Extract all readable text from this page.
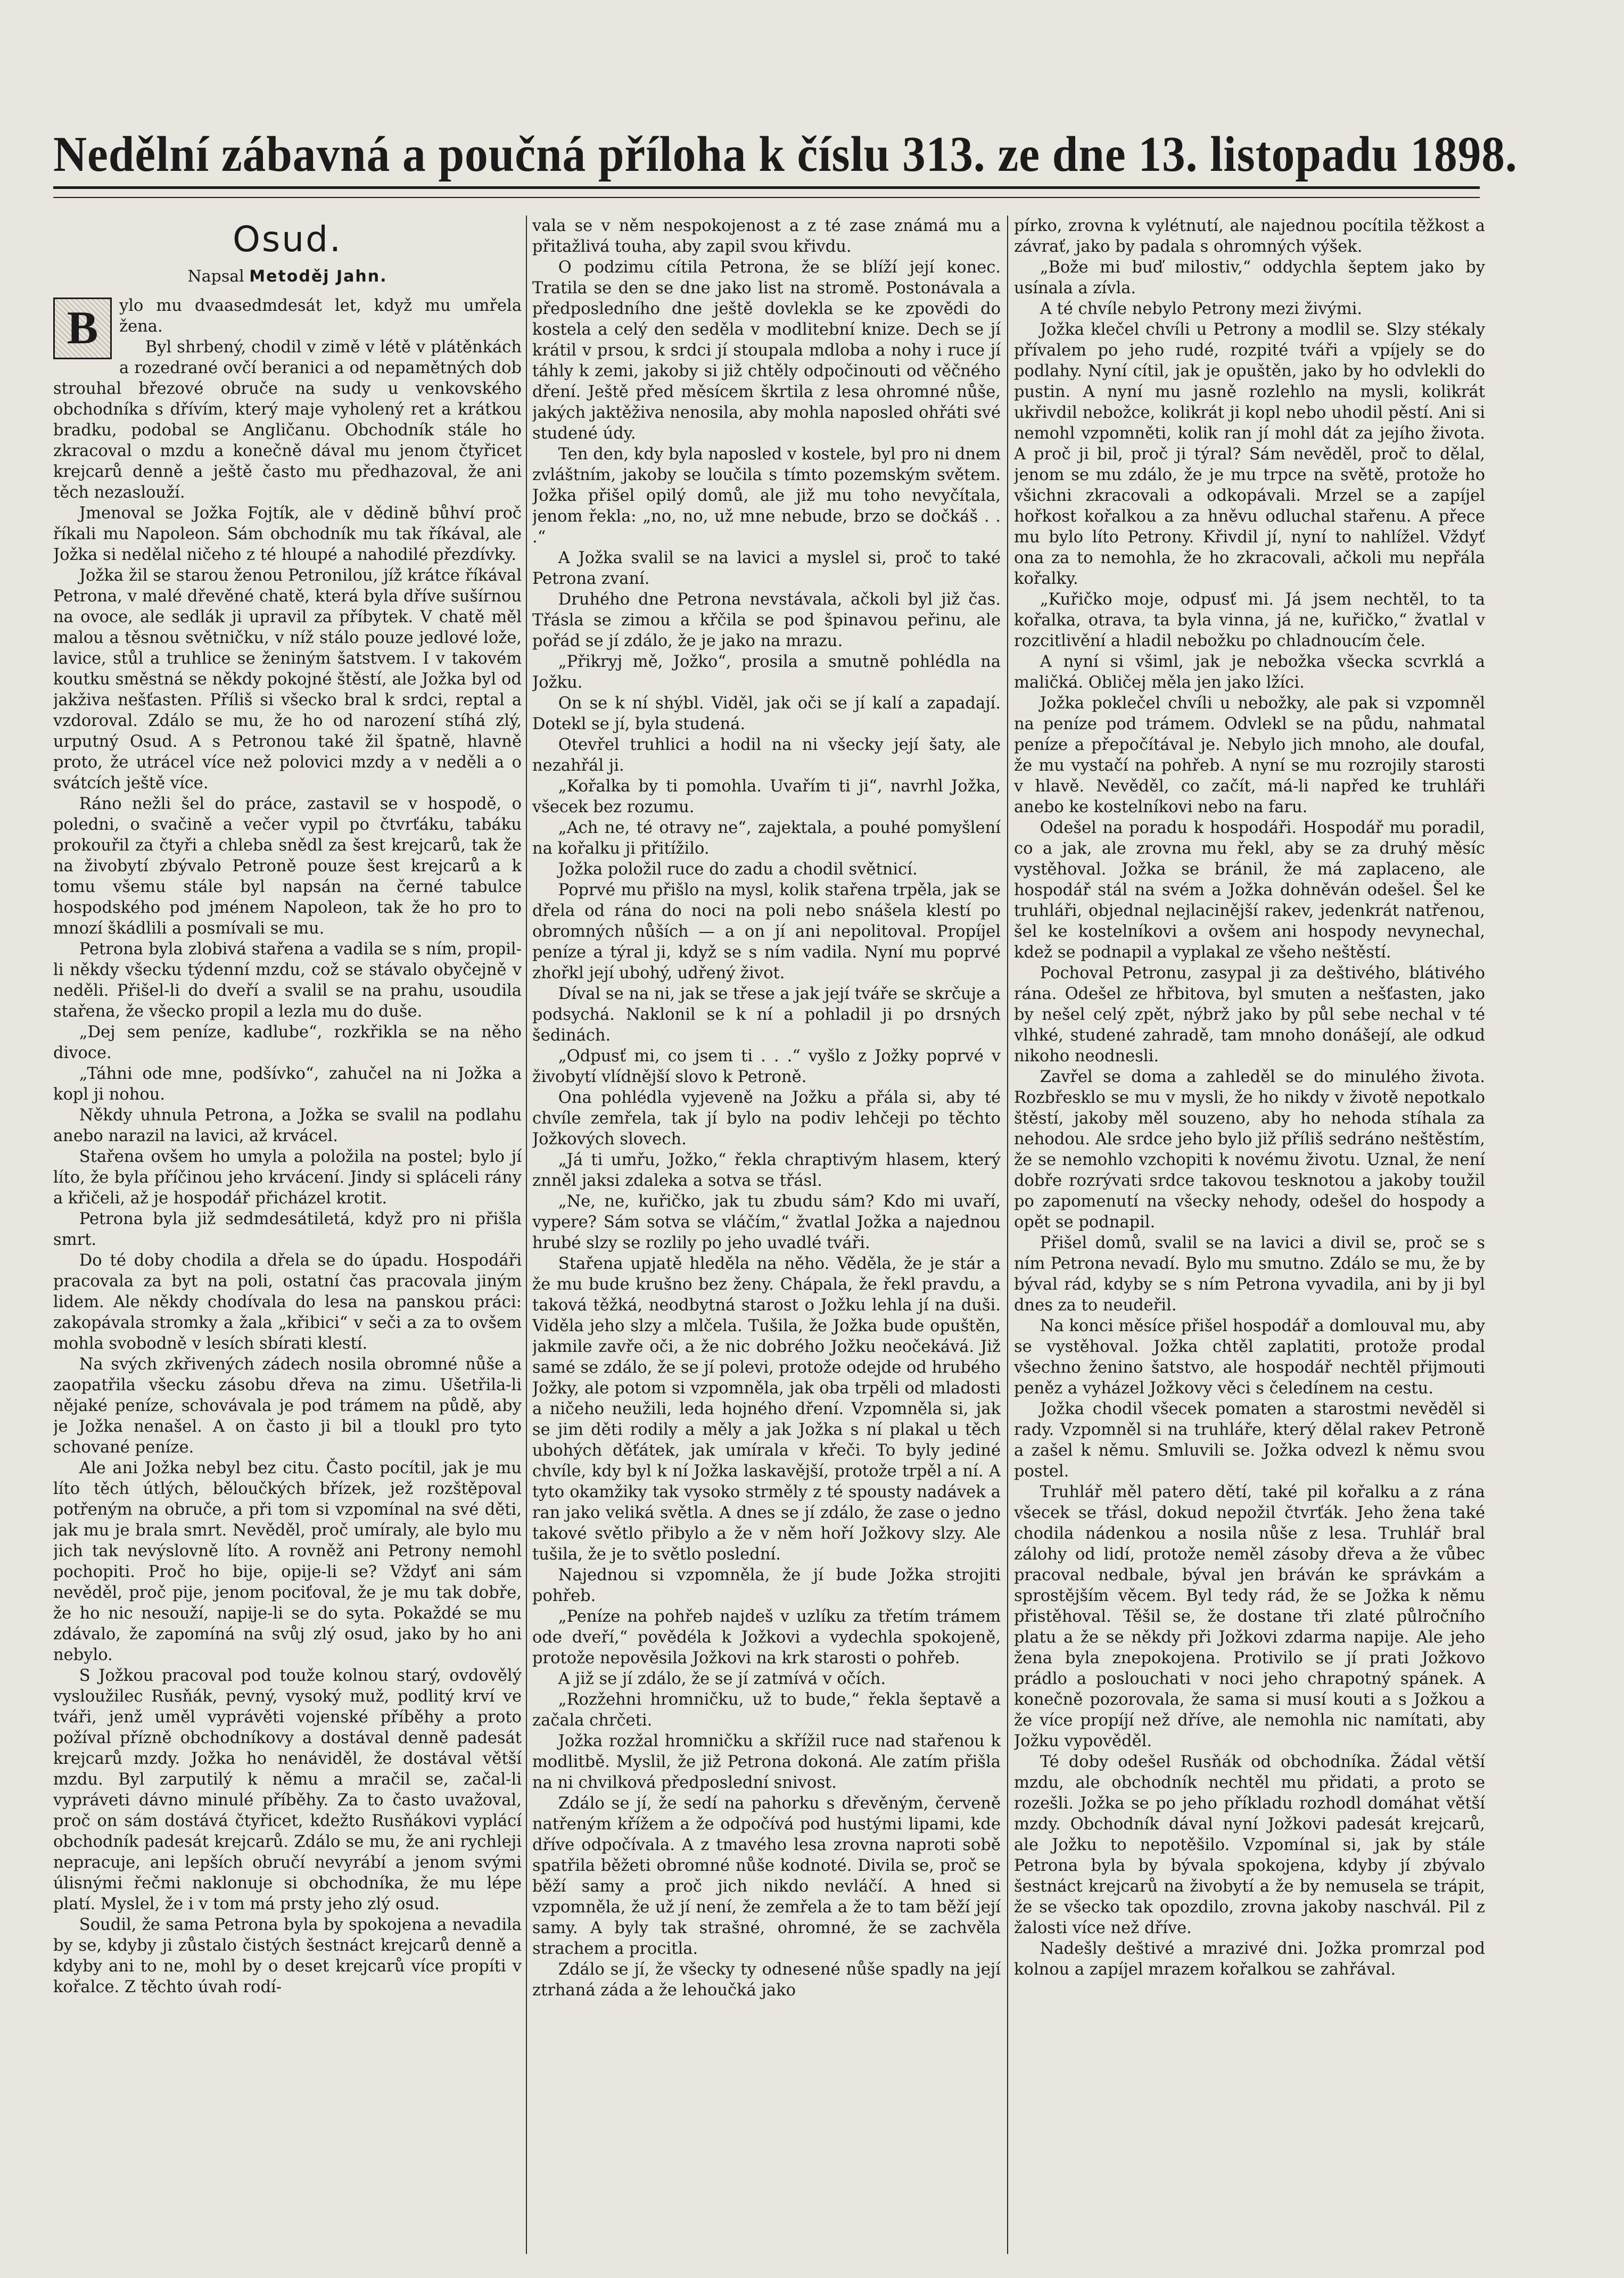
Nedělní zábavná a poučná příloha k číslu 313. ze dne 13. listopadu 1898.
Osud.
Napsal Metoděj Jahn.
B	ylo mu dvaasedmdesát let, když mu umřela žena.

Byl shrbený, chodil v zimě v létě v plátěnkách a rozedrané ovčí beranici a od nepamětných dob strouhal březové obruče na sudy u venkovského obchodníka s dřívím, který maje vyholený ret a krátkou bradku, podobal se Angličanu. Obchodník stále ho zkracoval o mzdu a konečně dával mu jenom čtyřicet krejcarů denně a ještě často mu předhazoval, že ani těch nezaslouží.

Jmenoval se Jožka Fojtík, ale v dědině bůhví proč říkali mu Napoleon. Sám obchodník mu tak říkával, ale Jožka si nedělal ničeho z té hloupé a nahodilé přezdívky.

Jožka žil se starou ženou Petronilou, jíž krátce říkával Petrona, v malé dřevěné chatě, která byla dříve sušírnou na ovoce, ale sedlák ji upravil za příbytek. V chatě měl malou a těsnou světničku, v níž stálo pouze jedlové lože, lavice, stůl a truhlice se ženiným šatstvem. I v takovém koutku směstná se někdy pokojné štěstí, ale Jožka byl od jakživa nešťasten. Příliš si všecko bral k srdci, reptal a vzdoroval. Zdálo se mu, že ho od narození stíhá zlý, urputný Osud. A s Petronou také žil špatně, hlavně proto, že utrácel více než polovici mzdy a v neděli a o svátcích ještě více.

Ráno nežli šel do práce, zastavil se v hospodě, o poledni, o svačině a večer vypil po čtvrťáku, tabáku prokouřil za čtyři a chleba snědl za šest krejcarů, tak že na živobytí zbývalo Petroně pouze šest krejcarů a k tomu všemu stále byl napsán na černé tabulce hospodského pod jménem Napoleon, tak že ho pro to mnozí škádlili a posmívali se mu.

Petrona byla zlobivá stařena a vadila se s ním, propil-li někdy všecku týdenní mzdu, což se stávalo obyčejně v neděli. Přišel-li do dveří a svalil se na prahu, usoudila stařena, že všecko propil a lezla mu do duše.

„Dej sem peníze, kadlube“, rozkřikla se na něho divoce.

„Táhni ode mne, podšívko“, zahučel na ni Jožka a kopl ji nohou.

Někdy uhnula Petrona, a Jožka se svalil na podlahu anebo narazil na lavici, až krvácel.

Stařena ovšem ho umyla a položila na postel; bylo jí líto, že byla příčinou jeho krvácení. Jindy si spláceli rány a křičeli, až je hospodář přicházel krotit.

Petrona byla již sedmdesátiletá, když pro ni přišla smrt.

Do té doby chodila a dřela se do úpadu. Hospodáři pracovala za byt na poli, ostatní čas pracovala jiným lidem. Ale někdy chodívala do lesa na panskou práci: zakopávala stromky a žala „křibici“ v seči a za to ovšem mohla svobodně v lesích sbírati klestí.

Na svých zkřivených zádech nosila obromné nůše a zaopatřila všecku zásobu dřeva na zimu. Ušetřila-li nějaké peníze, schovávala je pod trámem na půdě, aby je Jožka nenašel. A on často ji bil a tloukl pro tyto schované peníze.

Ale ani Jožka nebyl bez citu. Často pocítil, jak je mu líto těch útlých, běloučkých břízek, jež rozštěpoval potřeným na obruče, a při tom si vzpomínal na své děti, jak mu je brala smrt. Nevěděl, proč umíraly, ale bylo mu jich tak nevýslovně líto. A rovněž ani Petrony nemohl pochopiti. Proč ho bije, opije-li se? Vždyť ani sám nevěděl, proč pije, jenom pociťoval, že je mu tak dobře, že ho nic nesouží, napije-li se do syta. Pokaždé se mu zdávalo, že zapomíná na svůj zlý osud, jako by ho ani nebylo.

S Jožkou pracoval pod touže kolnou starý, ovdovělý vysloužilec Rusňák, pevný, vysoký muž, podlitý krví ve tváři, jenž uměl vyprávěti vojenské příběhy a proto požíval přízně obchodníkovy a dostával denně padesát krejcarů mzdy. Jožka ho nenáviděl, že dostával větší mzdu. Byl zarputilý k němu a mračil se, začal-li vypráveti dávno minulé příběhy. Za to často uvažoval, proč on sám dostává čtyřicet, kdežto Rusňákovi vyplácí obchodník padesát krejcarů. Zdálo se mu, že ani rychleji nepracuje, ani lepších obručí nevyrábí a jenom svými úlisnými řečmi naklonuje si obchodníka, že mu lépe platí. Myslel, že i v tom má prsty jeho zlý osud.

Soudil, že sama Petrona byla by spokojena a nevadila by se, kdyby ji zůstalo čistých šestnáct krejcarů denně a kdyby ani to ne, mohl by o deset krejcarů více propíti v kořalce. Z těchto úvah rodí-

vala se v něm nespokojenost a z té zase známá mu a přitažlivá touha, aby zapil svou křivdu.

O podzimu cítila Petrona, že se blíží její konec. Tratila se den se dne jako list na stromě. Postonávala a předposledního dne ještě dovlekla se ke zpovědi do kostela a celý den seděla v modlitební knize. Dech se jí krátil v prsou, k srdci jí stoupala mdloba a nohy i ruce jí táhly k zemi, jakoby si již chtěly odpočinouti od věčného dření. Ještě před měsícem škrtila z lesa ohromné nůše, jakých jaktěživa nenosila, aby mohla naposled ohřáti své studené údy.

Ten den, kdy byla naposled v kostele, byl pro ni dnem zvláštním, jakoby se loučila s tímto pozemským světem. Jožka přišel opilý domů, ale již mu toho nevyčítala, jenom řekla: „no, no, už mne nebude, brzo se dočkáš . . .“

A Jožka svalil se na lavici a myslel si, proč to také Petrona zvaní.

Druhého dne Petrona nevstávala, ačkoli byl již čas. Třásla se zimou a křčila se pod špinavou peřinu, ale pořád se jí zdálo, že je jako na mrazu.

„Přikryj mě, Jožko“, prosila a smutně pohlédla na Jožku.

On se k ní shýbl. Viděl, jak oči se jí kalí a zapadají. Dotekl se jí, byla studená.

Otevřel truhlici a hodil na ni všecky její šaty, ale nezahřál ji.

„Kořalka by ti pomohla. Uvařím ti ji“, navrhl Jožka, všecek bez rozumu.

„Ach ne, té otravy ne“, zajektala, a pouhé pomyšlení na kořalku ji přitížilo.

Jožka položil ruce do zadu a chodil světnicí.

Poprvé mu přišlo na mysl, kolik stařena trpěla, jak se dřela od rána do noci na poli nebo snášela klestí po obromných nůších — a on jí ani nepolitoval. Propíjel peníze a týral ji, když se s ním vadila. Nyní mu poprvé zhořkl její ubohý, udřený život.

Díval se na ni, jak se třese a jak její tváře se skrčuje a podsychá. Naklonil se k ní a pohladil ji po drsných šedinách.

„Odpusť mi, co jsem ti . . .“ vyšlo z Jožky poprvé v živobytí vlídnější slovo k Petroně.

Ona pohlédla vyjeveně na Jožku a přála si, aby té chvíle zemřela, tak jí bylo na podiv lehčeji po těchto Jožkových slovech.

„Já ti umřu, Jožko,“ řekla chraptivým hlasem, který znněl jaksi zdaleka a sotva se třásl.

„Ne, ne, kuřičko, jak tu zbudu sám? Kdo mi uvaří, vypere? Sám sotva se vláčím,“ žvatlal Jožka a najednou hrubé slzy se rozlily po jeho uvadlé tváři.

Stařena upjatě hleděla na něho. Věděla, že je stár a že mu bude krušno bez ženy. Chápala, že řekl pravdu, a taková těžká, neodbytná starost o Jožku lehla jí na duši. Viděla jeho slzy a mlčela. Tušila, že Jožka bude opuštěn, jakmile zavře oči, a že nic dobrého Jožku neočekává. Již samé se zdálo, že se jí polevi, protože odejde od hrubého Jožky, ale potom si vzpomněla, jak oba trpěli od mladosti a ničeho neužili, leda hojného dření. Vzpomněla si, jak se jim děti rodily a měly a jak Jožka s ní plakal u těch ubohých děťátek, jak umírala v křeči. To byly jediné chvíle, kdy byl k ní Jožka laskavější, protože trpěl a ní. A tyto okamžiky tak vysoko strměly z té spousty nadávek a ran jako veliká světla. A dnes se jí zdálo, že zase o jedno takové světlo přibylo a že v něm hoří Jožkovy slzy. Ale tušila, že je to světlo poslední.

Najednou si vzpomněla, že jí bude Jožka strojiti pohřeb.

„Peníze na pohřeb najdeš v uzlíku za třetím trámem ode dveří,“ povědéla k Jožkovi a vydechla spokojeně, protože nepověsila Jožkovi na krk starosti o pohřeb.

A již se jí zdálo, že se jí zatmívá v očích.

„Rozžehni hromničku, už to bude,“ řekla šeptavě a začala chrčeti.

Jožka rozžal hromničku a skřížil ruce nad stařenou k modlitbě. Myslil, že již Petrona dokoná. Ale zatím přišla na ni chvilková předposlední snivost.

Zdálo se jí, že sedí na pahorku s dřevěným, červeně natřeným křížem a že odpočívá pod hustými lipami, kde dříve odpočívala. A z tmavého lesa zrovna naproti sobě spatřila běžeti obromné nůše kodnoté. Divila se, proč se běží samy a proč jich nikdo nevláčí. A hned si vzpomněla, že už jí není, že zemřela a že to tam běží její samy. A byly tak strašné, ohromné, že se zachvěla strachem a procitla.

Zdálo se jí, že všecky ty odnesené nůše spadly na její ztrhaná záda a že lehoučká jako

pírko, zrovna k vylétnutí, ale najednou pocítila těžkost a závrať, jako by padala s ohromných výšek.

„Bože mi buď milostiv,“ oddychla šeptem jako by usínala a zívla.

A té chvíle nebylo Petrony mezi živými.

Jožka klečel chvíli u Petrony a modlil se. Slzy stékaly přívalem po jeho rudé, rozpité tváři a vpíjely se do podlahy. Nyní cítil, jak je opuštěn, jako by ho odvlekli do pustin. A nyní mu jasně rozlehlo na mysli, kolikrát ukřivdil nebožce, kolikrát ji kopl nebo uhodil pěstí. Ani si nemohl vzpomněti, kolik ran jí mohl dát za jejího života. A proč ji bil, proč ji týral? Sám nevěděl, proč to dělal, jenom se mu zdálo, že je mu trpce na světě, protože ho všichni zkracovali a odkopávali. Mrzel se a zapíjel hořkost kořalkou a za hněvu odluchal stařenu. A přece mu bylo líto Petrony. Křivdil jí, nyní to nahlížel. Vždyť ona za to nemohla, že ho zkracovali, ačkoli mu nepřála kořalky.

„Kuřičko moje, odpusť mi. Já jsem nechtěl, to ta kořalka, otrava, ta byla vinna, já ne, kuřičko,“ žvatlal v rozcitlivění a hladil nebožku po chladnoucím čele.

A nyní si všiml, jak je nebožka všecka scvrklá a maličká. Obličej měla jen jako lžíci.

Jožka poklečel chvíli u nebožky, ale pak si vzpomněl na peníze pod trámem. Odvlekl se na půdu, nahmatal peníze a přepočítával je. Nebylo jich mnoho, ale doufal, že mu vystačí na pohřeb. A nyní se mu rozrojily starosti v hlavě. Nevěděl, co začít, má-li napřed ke truhláři anebo ke kostelníkovi nebo na faru.

Odešel na poradu k hospodáři. Hospodář mu poradil, co a jak, ale zrovna mu řekl, aby se za druhý měsíc vystěhoval. Jožka se bránil, že má zaplaceno, ale hospodář stál na svém a Jožka dohněván odešel. Šel ke truhláři, objednal nejlacinější rakev, jedenkrát natřenou, šel ke kostelníkovi a ovšem ani hospody nevynechal, kdež se podnapil a vyplakal ze všeho neštěstí.

Pochoval Petronu, zasypal ji za deštivého, blátivého rána. Odešel ze hřbitova, byl smuten a nešťasten, jako by nešel celý zpět, nýbrž jako by půl sebe nechal v té vlhké, studené zahradě, tam mnoho donášejí, ale odkud nikoho neodnesli.

Zavřel se doma a zahleděl se do minulého života. Rozbřesklo se mu v mysli, že ho nikdy v životě nepotkalo štěstí, jakoby měl souzeno, aby ho nehoda stíhala za nehodou. Ale srdce jeho bylo již příliš sedráno neštěstím, že se nemohlo vzchopiti k novému životu. Uznal, že není dobře rozrývati srdce takovou tesknotou a jakoby toužil po zapomenutí na všecky nehody, odešel do hospody a opět se podnapil.

Přišel domů, svalil se na lavici a divil se, proč se s ním Petrona nevadí. Bylo mu smutno. Zdálo se mu, že by býval rád, kdyby se s ním Petrona vyvadila, ani by ji byl dnes za to neudeřil.

Na konci měsíce přišel hospodář a domlouval mu, aby se vystěhoval. Jožka chtěl zaplatiti, protože prodal všechno ženino šatstvo, ale hospodář nechtěl přijmouti peněz a vyházel Jožkovy věci s čeledínem na cestu.

Jožka chodil všecek pomaten a starostmi nevěděl si rady. Vzpomněl si na truhláře, který dělal rakev Petroně a zašel k němu. Smluvili se. Jožka odvezl k němu svou postel.

Truhlář měl patero dětí, také pil kořalku a z rána všecek se třásl, dokud nepožil čtvrťák. Jeho žena také chodila nádenkou a nosila nůše z lesa. Truhlář bral zálohy od lidí, protože neměl zásoby dřeva a že vůbec pracoval nedbale, býval jen bráván ke správkám a sprostějším věcem. Byl tedy rád, že se Jožka k němu přistěhoval. Těšil se, že dostane tři zlaté půlročního platu a že se někdy při Jožkovi zdarma napije. Ale jeho žena byla znepokojena. Protivilo se jí prati Jožkovo prádlo a poslouchati v noci jeho chrapotný spánek. A konečně pozorovala, že sama si musí kouti a s Jožkou a že více propíjí než dříve, ale nemohla nic namítati, aby Jožku vypověděl.

Té doby odešel Rusňák od obchodníka. Žádal větší mzdu, ale obchodník nechtěl mu přidati, a proto se rozešli. Jožka se po jeho příkladu rozhodl domáhat větší mzdy. Obchodník dával nyní Jožkovi padesát krejcarů, ale Jožku to nepotěšilo. Vzpomínal si, jak by stále Petrona byla by bývala spokojena, kdyby jí zbývalo šestnáct krejcarů na živobytí a že by nemusela se trápit, že se všecko tak opozdilo, zrovna jakoby naschvál. Pil z žalosti více než dříve.

Nadešly deštivé a mrazivé dni. Jožka promrzal pod kolnou a zapíjel mrazem kořalkou se zahřával.
